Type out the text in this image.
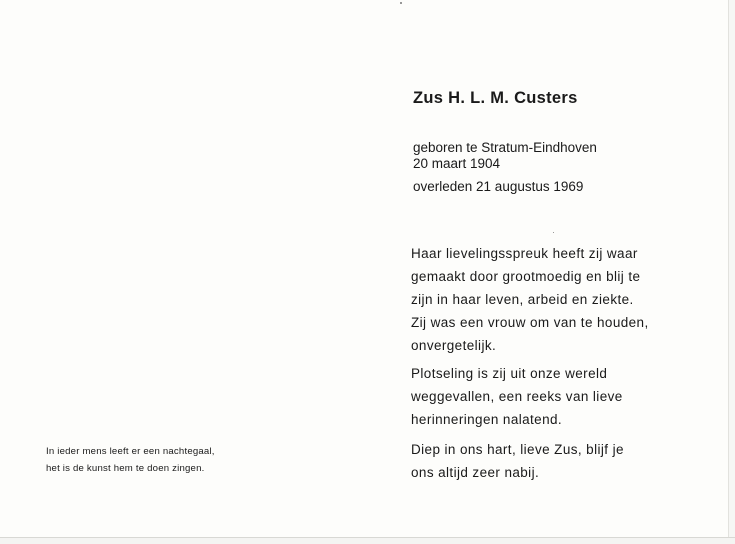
In ieder mens leeft er een nachtegaal,
het is de kunst hem te doen zingen.
Zus H. L. M. Custers
geboren te Stratum-Eindhoven
20 maart 1904
overleden 21 augustus 1969
Haar lievelingsspreuk heeft zij waar
gemaakt door grootmoedig en blij te
zijn in haar leven, arbeid en ziekte.
Zij was een vrouw om van te houden,
onvergetelijk.
Plotseling is zij uit onze wereld
weggevallen, een reeks van lieve
herinneringen nalatend.
Diep in ons hart, lieve Zus, blijf je
ons altijd zeer nabij.
